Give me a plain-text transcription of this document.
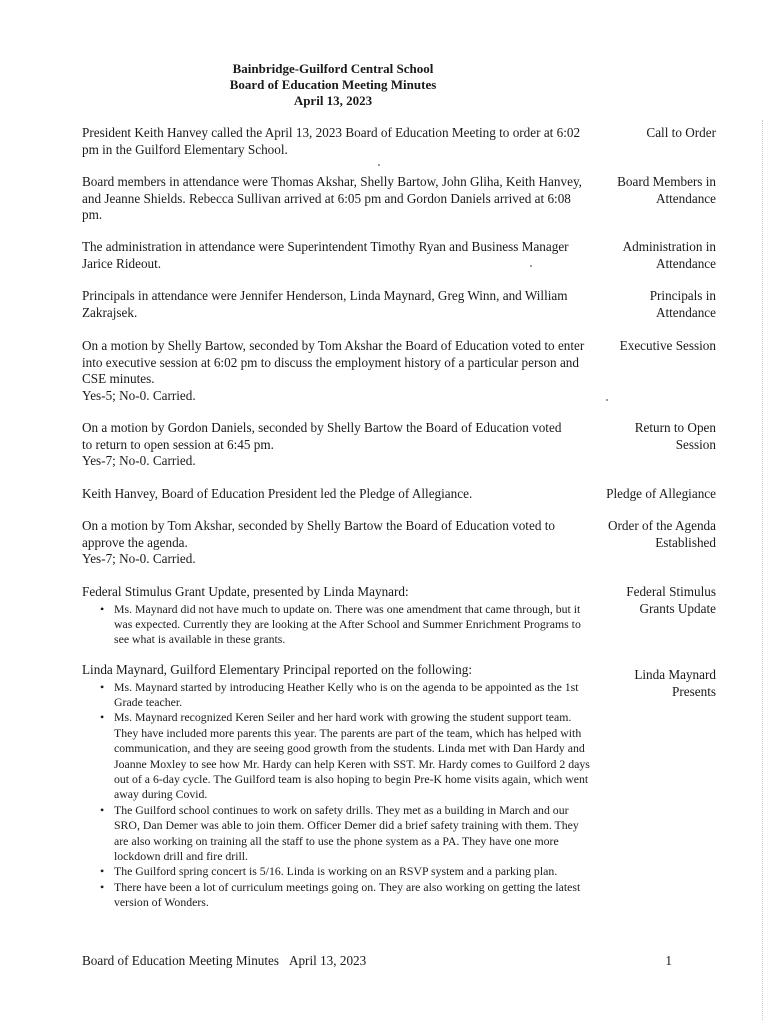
Bainbridge-Guilford Central School
Board of Education Meeting Minutes
April 13, 2023
President Keith Hanvey called the April 13, 2023 Board of Education Meeting to order at 6:02 pm in the Guilford Elementary School.
Call to Order
Board members in attendance were Thomas Akshar, Shelly Bartow, John Gliha, Keith Hanvey, and Jeanne Shields. Rebecca Sullivan arrived at 6:05 pm and Gordon Daniels arrived at 6:08 pm.
Board Members in Attendance
The administration in attendance were Superintendent Timothy Ryan and Business Manager Jarice Rideout.
Administration in Attendance
Principals in attendance were Jennifer Henderson, Linda Maynard, Greg Winn, and William Zakrajsek.
Principals in Attendance
On a motion by Shelly Bartow, seconded by Tom Akshar the Board of Education voted to enter into executive session at 6:02 pm to discuss the employment history of a particular person and CSE minutes.
Yes-5; No-0. Carried.
Executive Session
On a motion by Gordon Daniels, seconded by Shelly Bartow the Board of Education voted to return to open session at 6:45 pm.
Yes-7; No-0. Carried.
Return to Open Session
Keith Hanvey, Board of Education President led the Pledge of Allegiance.	Pledge of Allegiance
On a motion by Tom Akshar, seconded by Shelly Bartow the Board of Education voted to approve the agenda.
Yes-7; No-0. Carried.
Order of the Agenda Established
Federal Stimulus Grant Update, presented by Linda Maynard:
• Ms. Maynard did not have much to update on. There was one amendment that came through, but it was expected. Currently they are looking at the After School and Summer Enrichment Programs to see what is available in these grants.
Federal Stimulus Grants Update
Linda Maynard, Guilford Elementary Principal reported on the following:
• Ms. Maynard started by introducing Heather Kelly who is on the agenda to be appointed as the 1st Grade teacher.
• Ms. Maynard recognized Keren Seiler and her hard work with growing the student support team. They have included more parents this year. The parents are part of the team, which has helped with communication, and they are seeing good growth from the students. Linda met with Dan Hardy and Joanne Moxley to see how Mr. Hardy can help Keren with SST. Mr. Hardy comes to Guilford 2 days out of a 6-day cycle. The Guilford team is also hoping to begin Pre-K home visits again, which went away during Covid.
• The Guilford school continues to work on safety drills. They met as a building in March and our SRO, Dan Demer was able to join them. Officer Demer did a brief safety training with them. They are also working on training all the staff to use the phone system as a PA. They have one more lockdown drill and fire drill.
• The Guilford spring concert is 5/16. Linda is working on an RSVP system and a parking plan.
• There have been a lot of curriculum meetings going on. They are also working on getting the latest version of Wonders.
Linda Maynard Presents
Board of Education Meeting Minutes April 13, 2023	1
